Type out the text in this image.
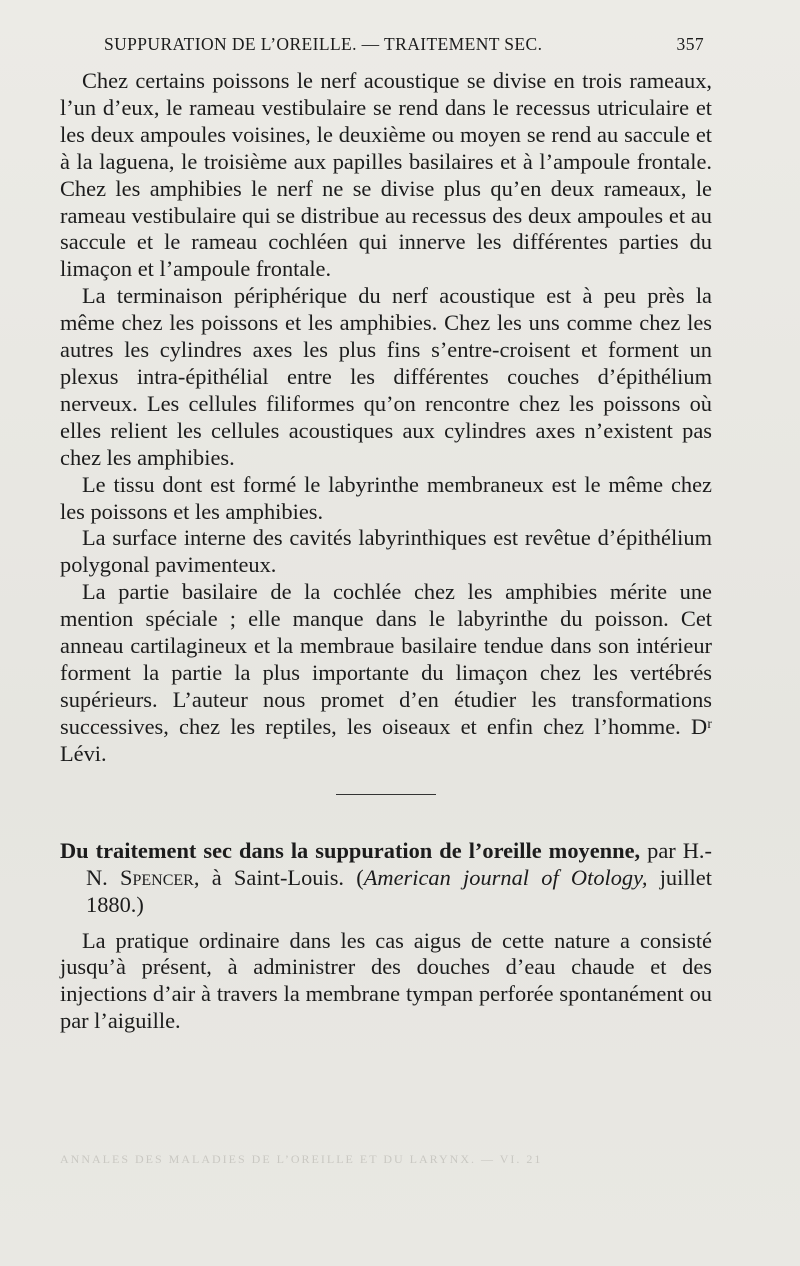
SUPPURATION DE L’OREILLE. — TRAITEMENT SEC.	357

Chez certains poissons le nerf acoustique se divise en trois rameaux, l’un d’eux, le rameau vestibulaire se rend dans le recessus utriculaire et les deux ampoules voisines, le deuxième ou moyen se rend au saccule et à la laguena, le troisième aux papilles basilaires et à l’ampoule frontale. Chez les amphibies le nerf ne se divise plus qu’en deux rameaux, le rameau vestibulaire qui se distribue au recessus des deux ampoules et au saccule et le rameau cochléen qui innerve les différentes parties du limaçon et l’ampoule frontale.

La terminaison périphérique du nerf acoustique est à peu près la même chez les poissons et les amphibies. Chez les uns comme chez les autres les cylindres axes les plus fins s’entre-croisent et forment un plexus intra-épithélial entre les différentes couches d’épithélium nerveux. Les cellules filiformes qu’on rencontre chez les poissons où elles relient les cellules acoustiques aux cylindres axes n’existent pas chez les amphibies.

Le tissu dont est formé le labyrinthe membraneux est le même chez les poissons et les amphibies.

La surface interne des cavités labyrinthiques est revêtue d’épithélium polygonal pavimenteux.

La partie basilaire de la cochlée chez les amphibies mérite une mention spéciale ; elle manque dans le labyrinthe du poisson. Cet anneau cartilagineux et la membraue basilaire tendue dans son intérieur forment la partie la plus importante du limaçon chez les vertébrés supérieurs. L’auteur nous promet d’en étudier les transformations successives, chez les reptiles, les oiseaux et enfin chez l’homme. Dʳ Lévi.

Du traitement sec dans la suppuration de l’oreille moyenne, par H.-N. Spencer, à Saint-Louis. (American journal of Otology, juillet 1880.)

La pratique ordinaire dans les cas aigus de cette nature a consisté jusqu’à présent, à administrer des douches d’eau chaude et des injections d’air à travers la membrane tympan perforée spontanément ou par l’aiguille.

ANNALES DES MALADIES DE L’OREILLE ET DU LARYNX. — VI. 21
